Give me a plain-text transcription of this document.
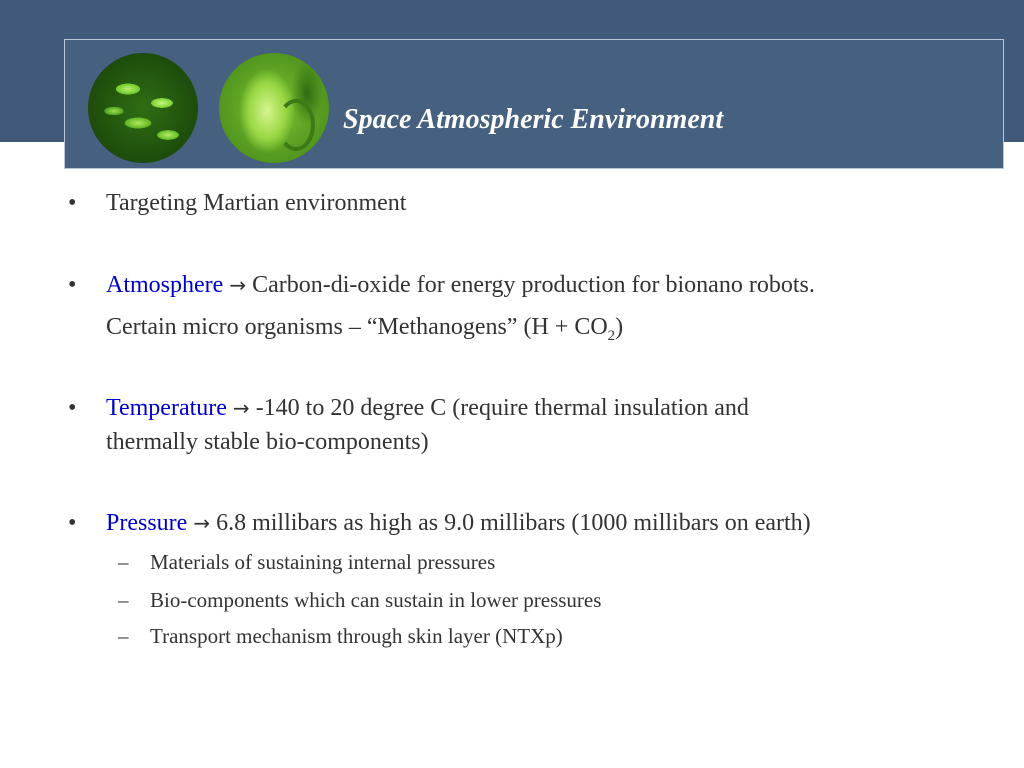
Space Atmospheric Environment
• Targeting Martian environment
• Atmosphere → Carbon-di-oxide for energy production for bionano robots.
Certain micro organisms – “Methanogens” $(H + CO_2)$
• Temperature → -140 to 20 degree C (require thermal insulation and
thermally stable bio-components)
• Pressure → 6.8 millibars as high as 9.0 millibars (1000 millibars on earth)
– Materials of sustaining internal pressures
– Bio-components which can sustain in lower pressures
– Transport mechanism through skin layer (NTXp)
